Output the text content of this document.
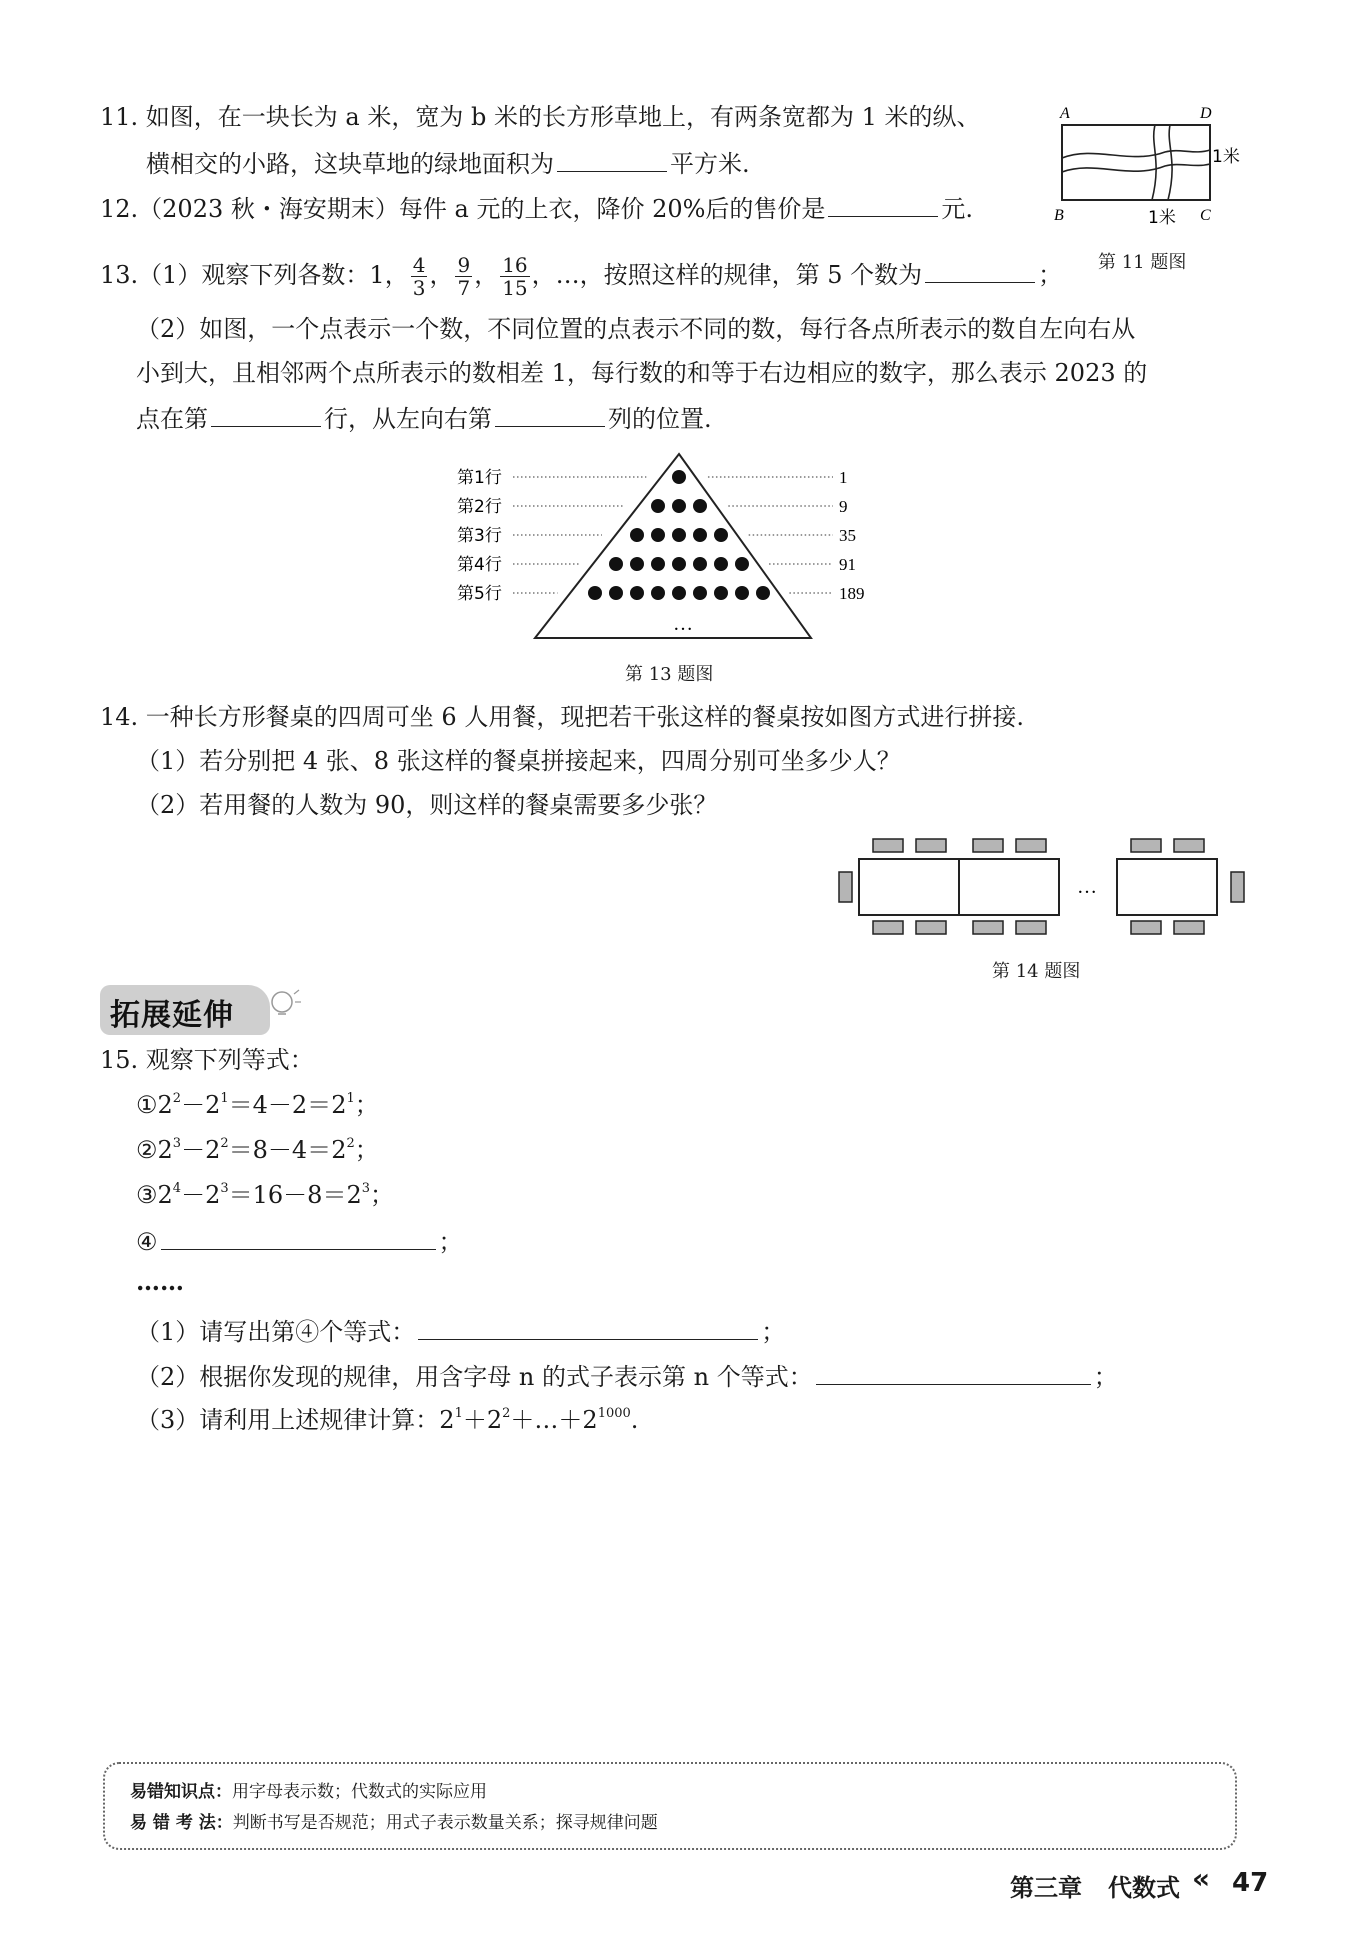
11. 如图，在一块长为 a 米，宽为 b 米的长方形草地上，有两条宽都为 1 米的纵、
横相交的小路，这块草地的绿地面积为	平方米.
A	D
B	C
1米
1米
第 11 题图
12.（2023 秋・海安期末）每件 a 元的上衣，降价 20%后的售价是	元.
13.（1）观察下列各数：1， $\frac{4}{3}$ ， $\frac{9}{7}$ ， $\frac{16}{15}$ ，…，按照这样的规律，第 5 个数为	；
（2）如图，一个点表示一个数，不同位置的点表示不同的数，每行各点所表示的数自左向右从
小到大，且相邻两个点所表示的数相差 1，每行数的和等于右边相应的数字，那么表示 2023 的
点在第	行，从左向右第	列的位置.
…
第1行	1
第2行	9
第3行	35
第4行	91
第5行	189
第 13 题图
14. 一种长方形餐桌的四周可坐 6 人用餐，现把若干张这样的餐桌按如图方式进行拼接.
（1）若分别把 4 张、8 张这样的餐桌拼接起来，四周分别可坐多少人？
（2）若用餐的人数为 90，则这样的餐桌需要多少张？
…
第 14 题图
拓展延伸
15. 观察下列等式：
$①2^2-2^1=4-2=2^1$；
$②2^3-2^2=8-4=2^2$；
$③2^4-2^3=16-8=2^3$；
④	；
……
（1）请写出第④个等式：	；
（2）根据你发现的规律，用含字母 n 的式子表示第 n 个等式：	；
（3）请利用上述规律计算：$2^1+2^2+\dots+2^{1000}$.
易错知识点：用字母表示数；代数式的实际应用
易 错 考 法：判断书写是否规范；用式子表示数量关系；探寻规律问题
第三章 代数式 « 47
